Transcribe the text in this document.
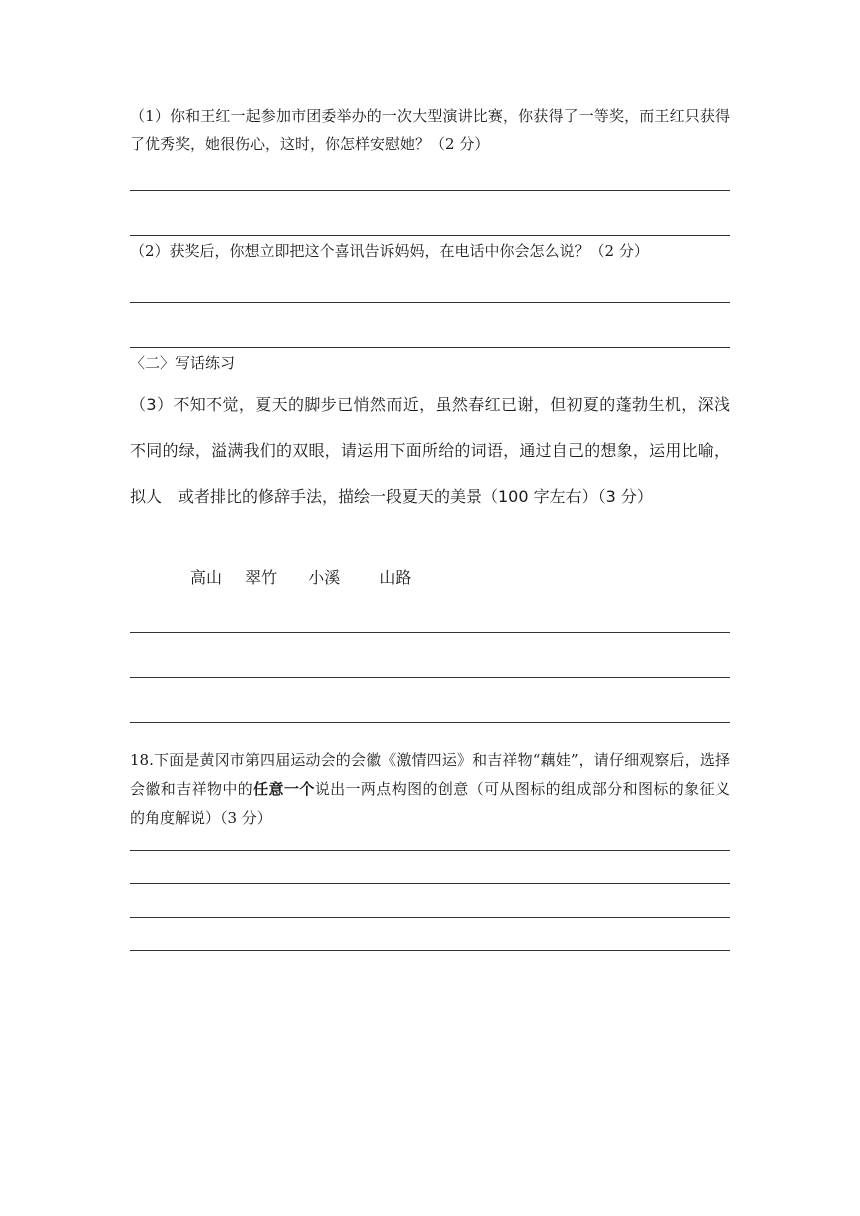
（1）你和王红一起参加市团委举办的一次大型演讲比赛，你获得了一等奖，而王红只获得了优秀奖，她很伤心，这时，你怎样安慰她？（2 分）

（2）获奖后，你想立即把这个喜讯告诉妈妈，在电话中你会怎么说？（2 分）

〈二〉写话练习

（3）不知不觉，夏天的脚步已悄然而近，虽然春红已谢，但初夏的蓬勃生机，深浅不同的绿，溢满我们的双眼，请运用下面所给的词语，通过自己的想象，运用比喻，拟人　或者排比的修辞手法，描绘一段夏天的美景（100 字左右）（3 分）

高山 翠竹 小溪 山路

18.下面是黄冈市第四届运动会的会徽《激情四运》和吉祥物“藕娃”，请仔细观察后，选择会徽和吉祥物中的任意一个说出一两点构图的创意（可从图标的组成部分和图标的象征义的角度解说）（3 分）
